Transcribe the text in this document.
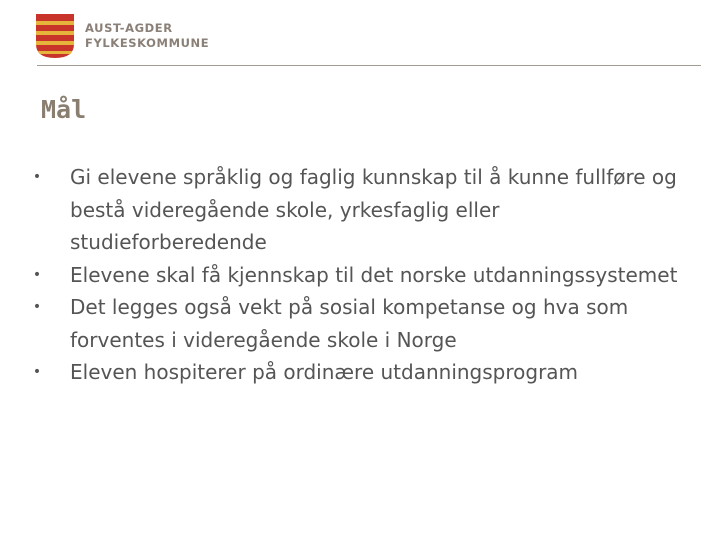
AUST-AGDER
FYLKESKOMMUNE
Mål
• Gi elevene språklig og faglig kunnskap til å kunne fullføre og bestå videregående skole, yrkesfaglig eller studieforberedende
• Elevene skal få kjennskap til det norske utdanningssystemet
• Det legges også vekt på sosial kompetanse og hva som forventes i videregående skole i Norge
• Eleven hospiterer på ordinære utdanningsprogram
